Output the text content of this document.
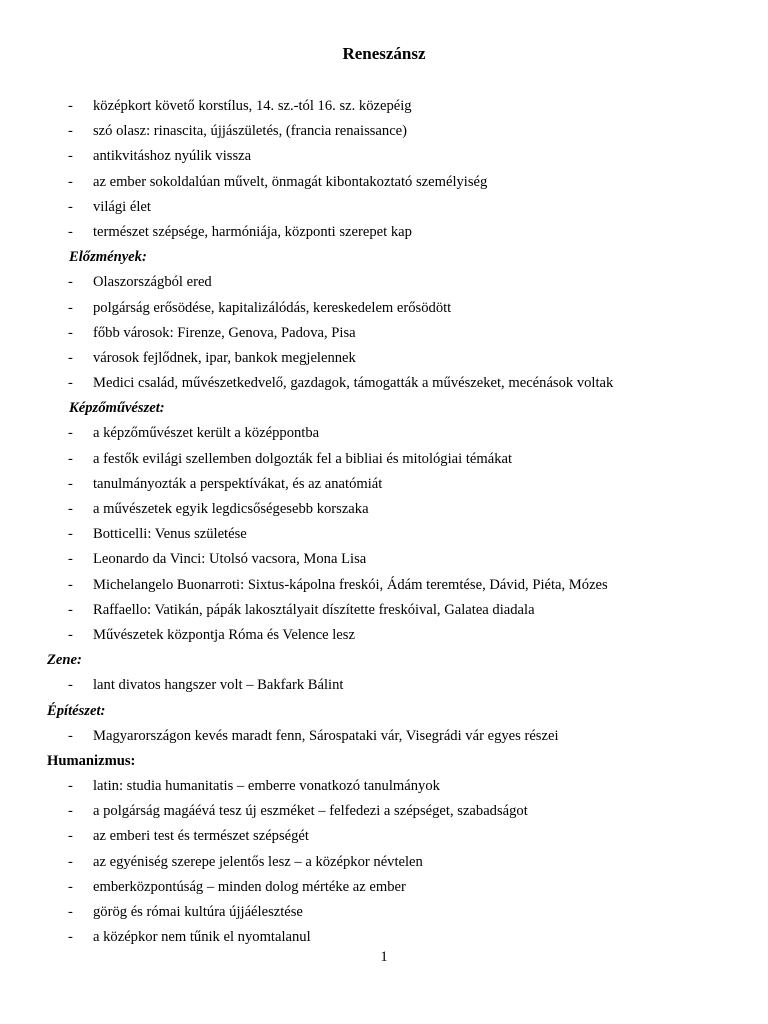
Reneszánsz
- középkort követő korstílus, 14. sz.-tól 16. sz. közepéig
- szó olasz: rinascita, újjászületés, (francia renaissance)
- antikvitáshoz nyúlik vissza
- az ember sokoldalúan művelt, önmagát kibontakoztató személyiség
- világi élet
- természet szépsége, harmóniája, központi szerepet kap
Előzmények:
- Olaszországból ered
- polgárság erősödése, kapitalizálódás, kereskedelem erősödött
- főbb városok: Firenze, Genova, Padova, Pisa
- városok fejlődnek, ipar, bankok megjelennek
- Medici család, művészetkedvelő, gazdagok, támogatták a művészeket, mecénások voltak
Képzőművészet:
- a képzőművészet került a középpontba
- a festők evilági szellemben dolgozták fel a bibliai és mitológiai témákat
- tanulmányozták a perspektívákat, és az anatómiát
- a művészetek egyik legdicsőségesebb korszaka
- Botticelli: Venus születése
- Leonardo da Vinci: Utolsó vacsora, Mona Lisa
- Michelangelo Buonarroti: Sixtus-kápolna freskói, Ádám teremtése, Dávid, Piéta, Mózes
- Raffaello: Vatikán, pápák lakosztályait díszítette freskóival, Galatea diadala
- Művészetek központja Róma és Velence lesz
Zene:
- lant divatos hangszer volt – Bakfark Bálint
Építészet:
- Magyarországon kevés maradt fenn, Sárospataki vár, Visegrádi vár egyes részei
Humanizmus:
- latin: studia humanitatis – emberre vonatkozó tanulmányok
- a polgárság magáévá tesz új eszméket – felfedezi a szépséget, szabadságot
- az emberi test és természet szépségét
- az egyéniség szerepe jelentős lesz – a középkor névtelen
- emberközpontúság – minden dolog mértéke az ember
- görög és római kultúra újjáélesztése
- a középkor nem tűnik el nyomtalanul
1
